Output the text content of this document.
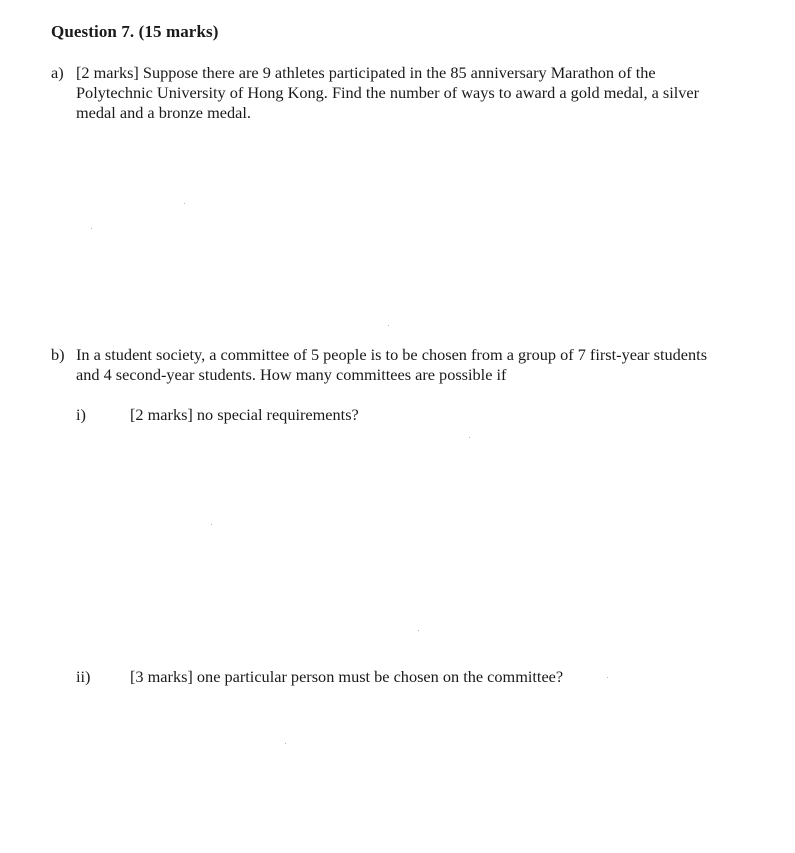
Question 7. (15 marks)
a) [2 marks] Suppose there are 9 athletes participated in the 85 anniversary Marathon of the Polytechnic University of Hong Kong. Find the number of ways to award a gold medal, a silver medal and a bronze medal.
b) In a student society, a committee of 5 people is to be chosen from a group of 7 first-year students and 4 second-year students. How many committees are possible if
i)	[2 marks] no special requirements?
ii) [3 marks] one particular person must be chosen on the committee?
